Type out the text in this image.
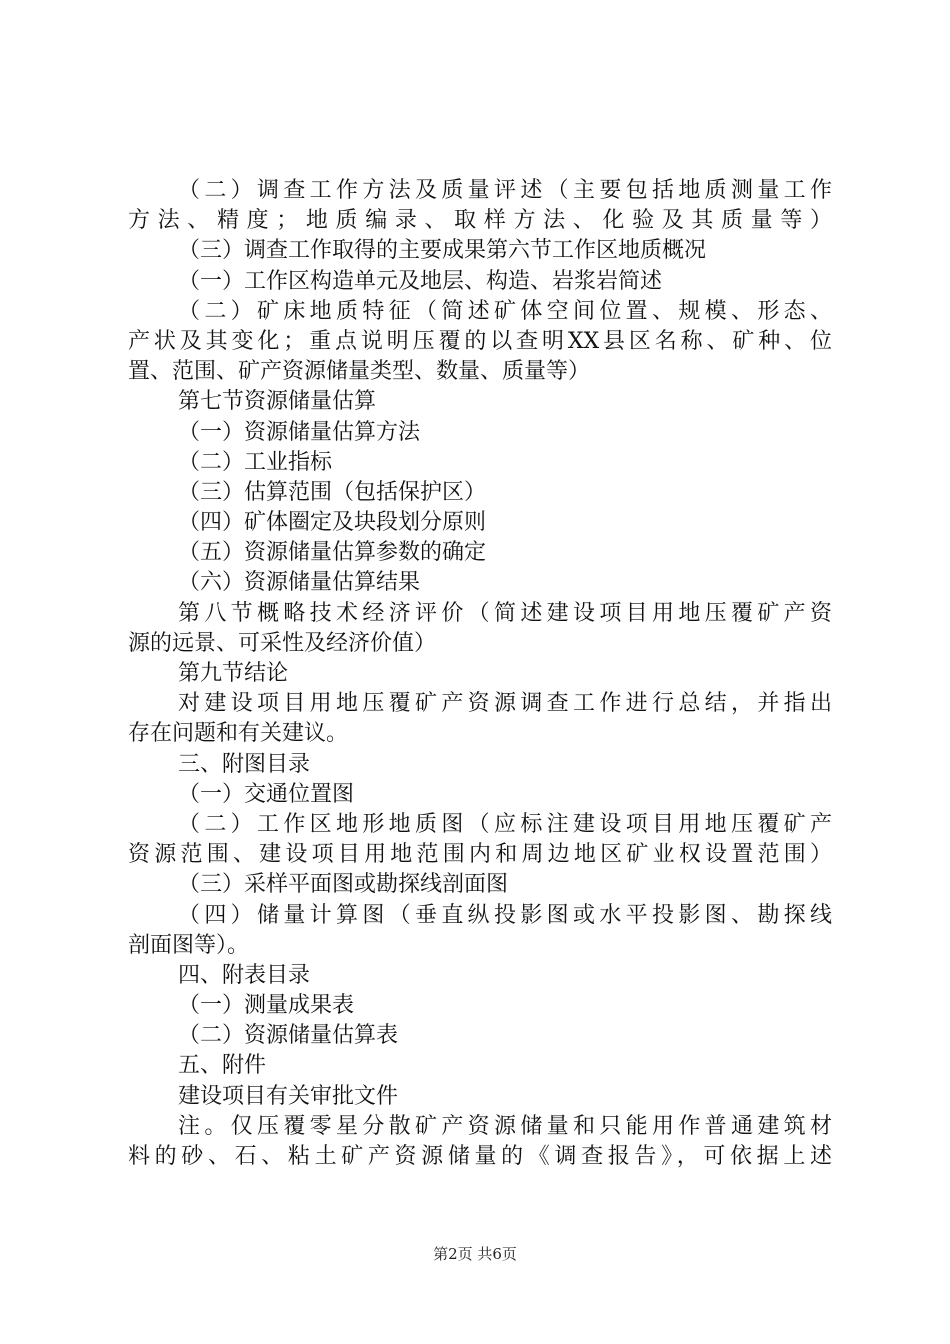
（二）调查工作方法及质量评述（主要包括地质测量工作
方法、精度；地质编录、取样方法、化验及其质量等）
（三）调查工作取得的主要成果第六节工作区地质概况
（一）工作区构造单元及地层、构造、岩浆岩简述
（二）矿床地质特征（简述矿体空间位置、规模、形态、
产状及其变化；重点说明压覆的以查明XX县区名称、矿种、位
置、范围、矿产资源储量类型、数量、质量等）
第七节资源储量估算
（一）资源储量估算方法
（二）工业指标
（三）估算范围（包括保护区）
（四）矿体圈定及块段划分原则
（五）资源储量估算参数的确定
（六）资源储量估算结果
第八节概略技术经济评价（简述建设项目用地压覆矿产资
源的远景、可采性及经济价值）
第九节结论
对建设项目用地压覆矿产资源调查工作进行总结，并指出
存在问题和有关建议。
三、附图目录
（一）交通位置图
（二）工作区地形地质图（应标注建设项目用地压覆矿产
资源范围、建设项目用地范围内和周边地区矿业权设置范围）
（三）采样平面图或勘探线剖面图
（四）储量计算图（垂直纵投影图或水平投影图、勘探线
剖面图等）。
四、附表目录
（一）测量成果表
（二）资源储量估算表
五、附件
建设项目有关审批文件
注。仅压覆零星分散矿产资源储量和只能用作普通建筑材
料的砂、石、粘土矿产资源储量的《调查报告》，可依据上述
第2页 共6页
